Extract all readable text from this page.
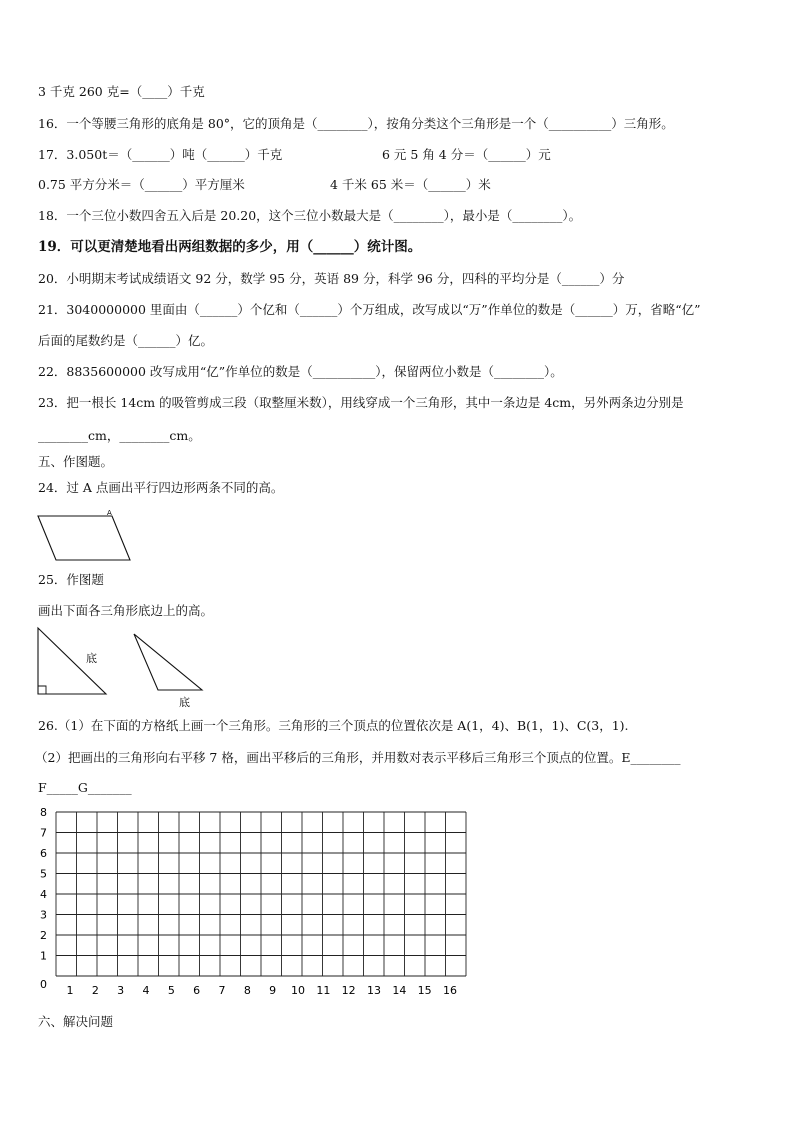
3 千克 260 克=（____）千克
16．一个等腰三角形的底角是 80°，它的顶角是（________），按角分类这个三角形是一个（__________）三角形。
17．3.050t＝（______）吨（______）千克	6 元 5 角 4 分＝（______）元
0.75 平方分米＝（______）平方厘米	4 千米 65 米＝（______）米
18．一个三位小数四舍五入后是 20.20，这个三位小数最大是（________），最小是（________）。
19．可以更清楚地看出两组数据的多少，用（______）统计图。
20．小明期末考试成绩语文 92 分，数学 95 分，英语 89 分，科学 96 分，四科的平均分是（______）分
21．3040000000 里面由（______）个亿和（______）个万组成，改写成以“万”作单位的数是（______）万，省略“亿”
后面的尾数约是（______）亿。
22．8835600000 改写成用“亿”作单位的数是（__________），保留两位小数是（________）。
23．把一根长 14cm 的吸管剪成三段（取整厘米数），用线穿成一个三角形，其中一条边是 4cm，另外两条边分别是
________cm，________cm。
五、作图题。
24．过 A 点画出平行四边形两条不同的高。
A
25．作图题
画出下面各三角形底边上的高。
底
底
26.（1）在下面的方格纸上画一个三角形。三角形的三个顶点的位置依次是 A(1，4)、B(1，1)、C(3，1).
（2）把画出的三角形向右平移 7 格，画出平移后的三角形，并用数对表示平移后三角形三个顶点的位置。E________
F_____G_______
8
7
6
5
4
3
2
1
0 1 2 3 4 5 6 7 8 9 10 11 12 13 14 15 16
六、解决问题
